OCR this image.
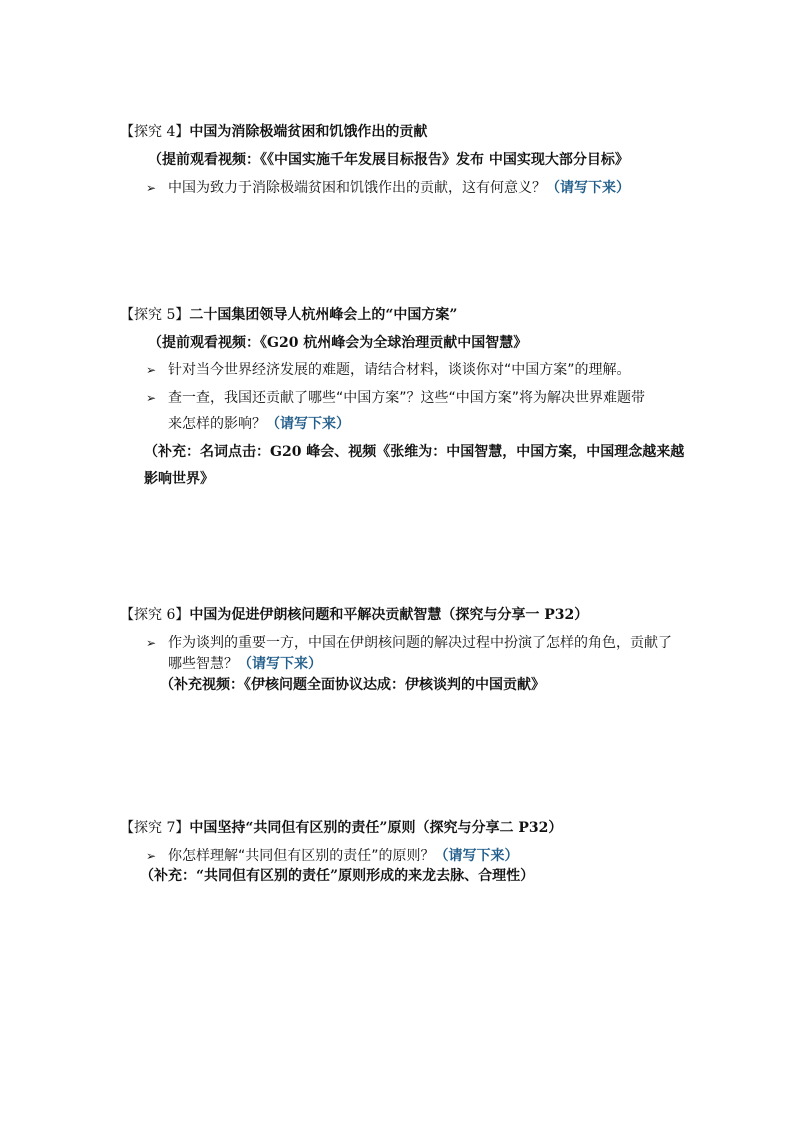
【探究 4】中国为消除极端贫困和饥饿作出的贡献
（提前观看视频：《《中国实施千年发展目标报告》发布 中国实现大部分目标》
➢ 中国为致力于消除极端贫困和饥饿作出的贡献，这有何意义？（请写下来）
【探究 5】二十国集团领导人杭州峰会上的“中国方案”
（提前观看视频：《G20 杭州峰会为全球治理贡献中国智慧》
➢ 针对当今世界经济发展的难题，请结合材料，谈谈你对“中国方案”的理解。
➢ 查一查，我国还贡献了哪些“中国方案”？这些“中国方案”将为解决世界难题带
来怎样的影响？（请写下来）
（补充：名词点击：G20 峰会、视频《张维为：中国智慧，中国方案，中国理念越来越
影响世界》
【探究 6】中国为促进伊朗核问题和平解决贡献智慧（探究与分享一 P32）
➢ 作为谈判的重要一方，中国在伊朗核问题的解决过程中扮演了怎样的角色，贡献了
哪些智慧？（请写下来）
（补充视频：《伊核问题全面协议达成：伊核谈判的中国贡献》
【探究 7】中国坚持“共同但有区别的责任”原则（探究与分享二 P32）
➢ 你怎样理解“共同但有区别的责任”的原则？（请写下来）
（补充：“共同但有区别的责任”原则形成的来龙去脉、合理性）
